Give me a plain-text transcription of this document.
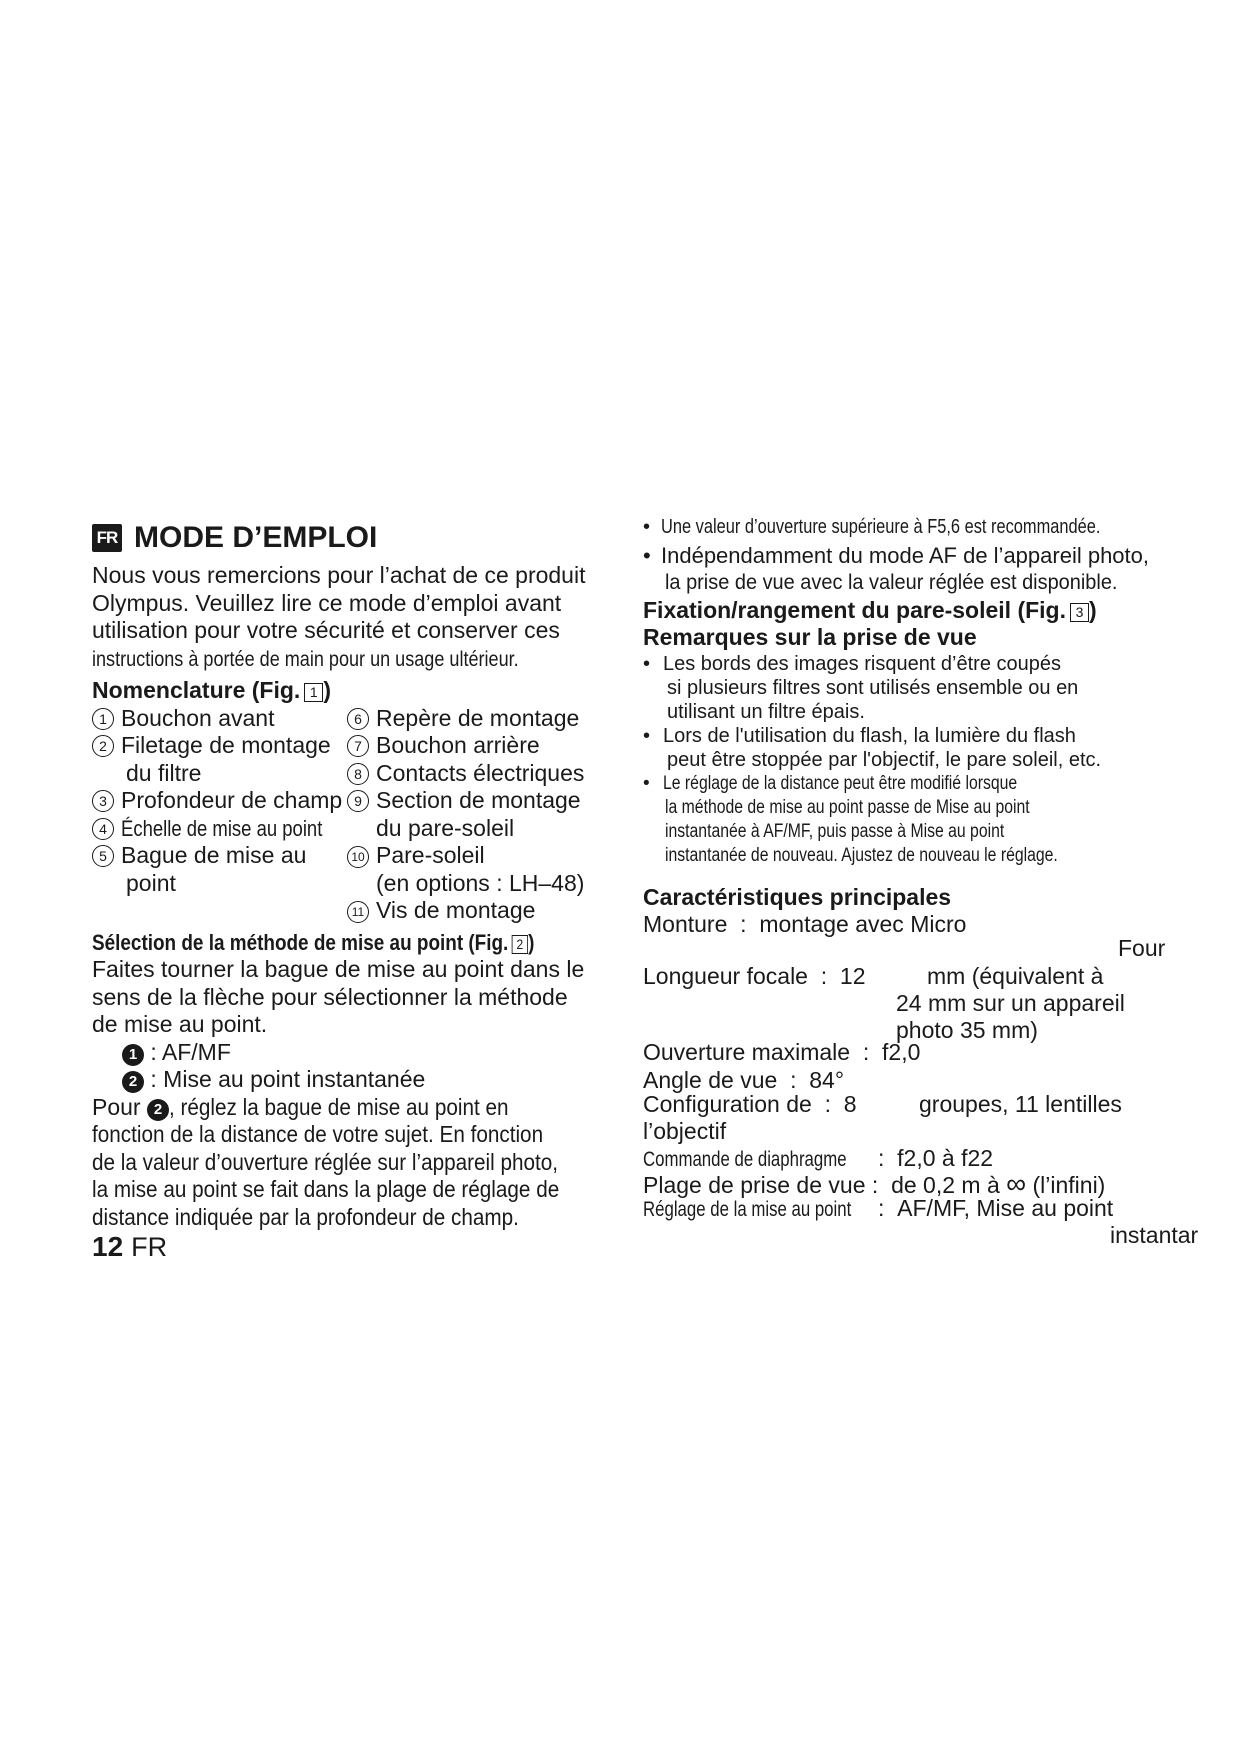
FR MODE D’EMPLOI
Nous vous remercions pour l’achat de ce produit
Olympus. Veuillez lire ce mode d’emploi avant
utilisation pour votre sécurité et conserver ces
instructions à portée de main pour un usage ultérieur.
Nomenclature (Fig. 1 )
1 Bouchon avant
2 Filetage de montage
du filtre
3 Profondeur de champ
4 Échelle de mise au point
5 Bague de mise au
point
6 Repère de montage
7 Bouchon arrière
8 Contacts électriques
9 Section de montage
du pare-soleil
10 Pare-soleil
(en options : LH–48)
11 Vis de montage
Sélection de la méthode de mise au point (Fig. 2 )
Faites tourner la bague de mise au point dans le
sens de la flèche pour sélectionner la méthode
de mise au point.
1 : AF/MF
2 : Mise au point instantanée
Pour 2 , réglez la bague de mise au point en
fonction de la distance de votre sujet. En fonction
de la valeur d’ouverture réglée sur l’appareil photo,
la mise au point se fait dans la plage de réglage de
distance indiquée par la profondeur de champ.
12 FR
• Une valeur d’ouverture supérieure à F5,6 est recommandée.
• Indépendamment du mode AF de l’appareil photo,
la prise de vue avec la valeur réglée est disponible.
Fixation/rangement du pare-soleil (Fig. 3 )
Remarques sur la prise de vue
• Les bords des images risquent d’être coupés
si plusieurs filtres sont utilisés ensemble ou en
utilisant un filtre épais.
• Lors de l'utilisation du flash, la lumière du flash
peut être stoppée par l'objectif, le pare soleil, etc.
• Le réglage de la distance peut être modifié lorsque
la méthode de mise au point passe de Mise au point
instantanée à AF/MF, puis passe à Mise au point
instantanée de nouveau. Ajustez de nouveau le réglage.
Caractéristiques principales
Monture : montage avec Micro
Four
Longueur focale : 12	mm (équivalent à
24 mm sur un appareil
photo 35 mm)
Ouverture maximale : f2,0
Angle de vue : 84°
Configuration de : 8	groupes, 11 lentilles
l’objectif
Commande de diaphragme : f2,0 à f22
Plage de prise de vue : de 0,2 m à ∞ (l’infini)
Réglage de la mise au point : AF/MF, Mise au point
instantar
